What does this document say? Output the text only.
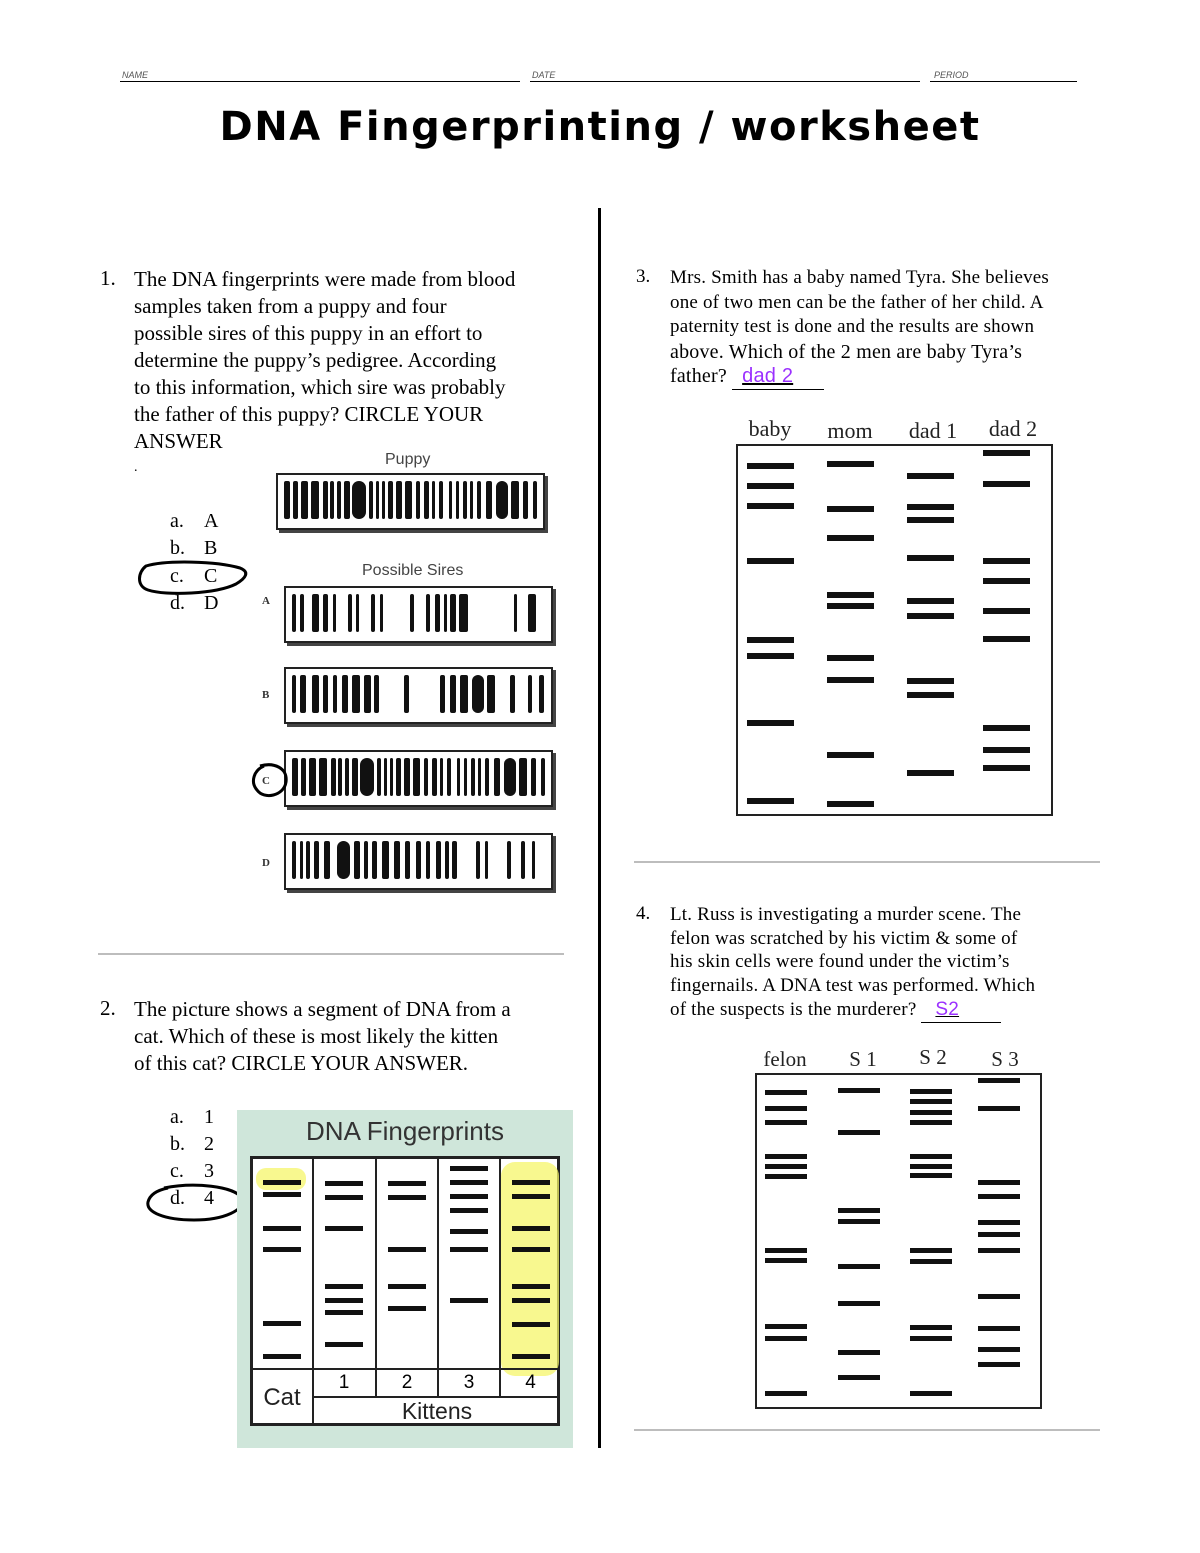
NAME	DATE	PERIOD
DNA Fingerprinting / worksheet
1. The DNA fingerprints were made from blood
samples taken from a puppy and four
possible sires of this puppy in an effort to
determine the puppy’s pedigree. According
to this information, which sire was probably
the father of this puppy? CIRCLE YOUR
ANSWER
.
a. A
b. B
c. C
d. D
Puppy
Possible Sires
A
B
C
D
2. The picture shows a segment of DNA from a
cat. Which of these is most likely the kitten
of this cat? CIRCLE YOUR ANSWER.
a. 1
b. 2
c. 3
d. 4
DNA Fingerprints
Cat
1	2	3	4
Kittens
3. Mrs. Smith has a baby named Tyra. She believes
one of two men can be the father of her child. A
paternity test is done and the results are shown
above. Which of the 2 men are baby Tyra’s
father? dad 2
baby	mom	dad 1	dad 2
4. Lt. Russ is investigating a murder scene. The
felon was scratched by his victim & some of
his skin cells were found under the victim’s
fingernails. A DNA test was performed. Which
of the suspects is the murderer? S2
felon	S 1	S 2	S 3
